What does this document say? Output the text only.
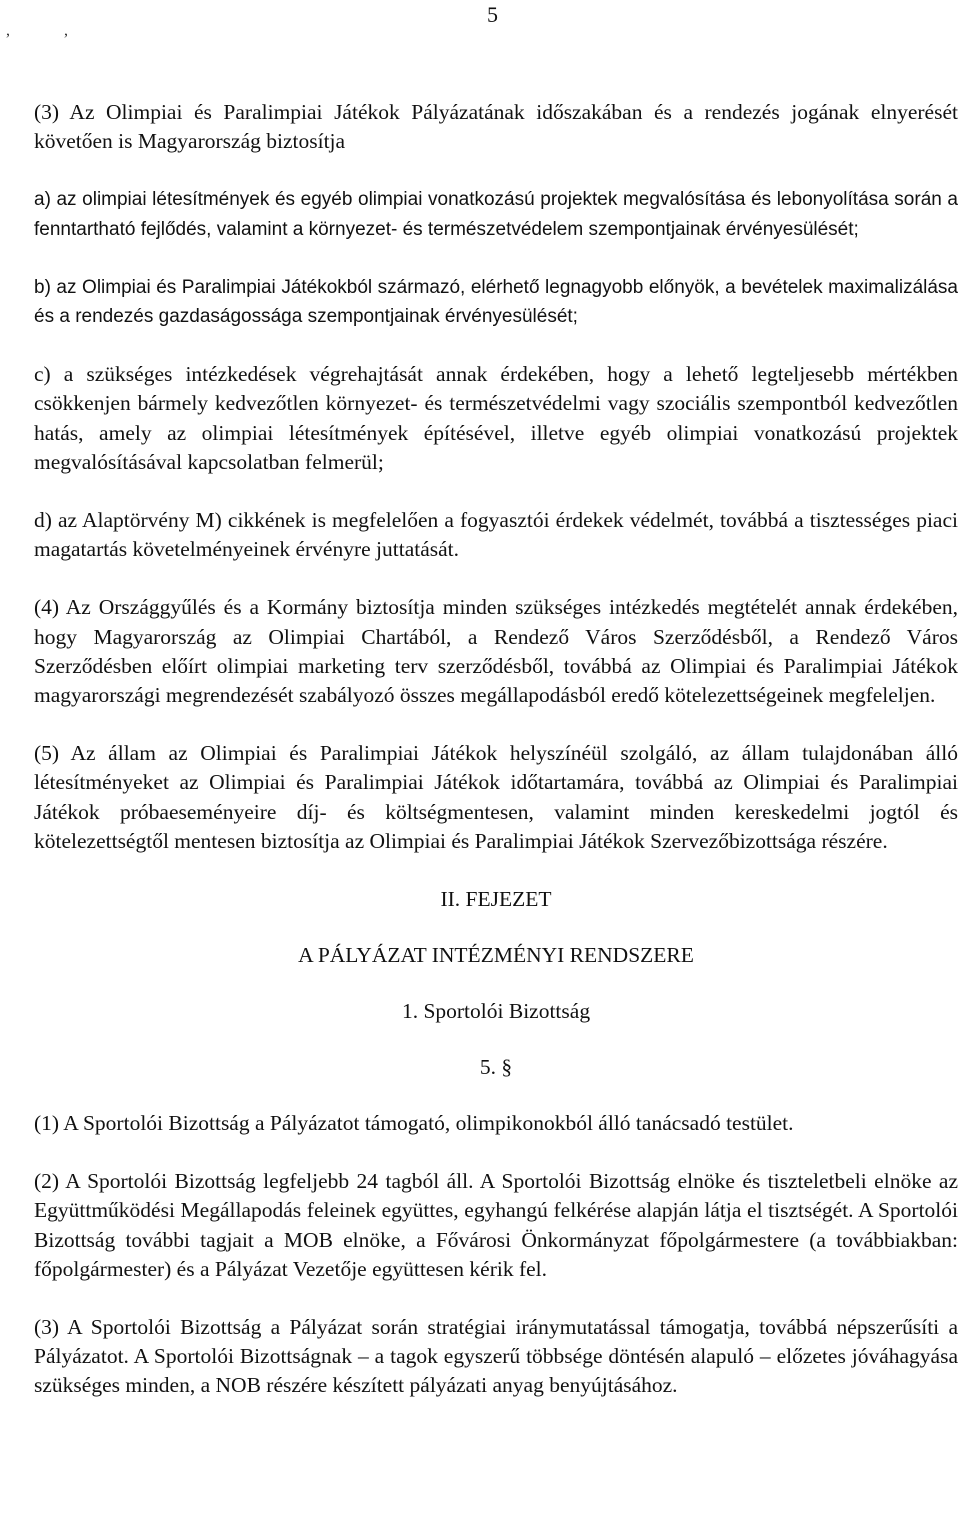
5
,	,

(3) Az Olimpiai és Paralimpiai Játékok Pályázatának időszakában és a rendezés jogának elnyerését követően is Magyarország biztosítja

a) az olimpiai létesítmények és egyéb olimpiai vonatkozású projektek megvalósítása és lebonyolítása során a fenntartható fejlődés, valamint a környezet- és természetvédelem szempontjainak érvényesülését;

b) az Olimpiai és Paralimpiai Játékokból származó, elérhető legnagyobb előnyök, a bevételek maximalizálása és a rendezés gazdaságossága szempontjainak érvényesülését;

c) a szükséges intézkedések végrehajtását annak érdekében, hogy a lehető legteljesebb mértékben csökkenjen bármely kedvezőtlen környezet- és természetvédelmi vagy szociális szempontból kedvezőtlen hatás, amely az olimpiai létesítmények építésével, illetve egyéb olimpiai vonatkozású projektek megvalósításával kapcsolatban felmerül;

d) az Alaptörvény M) cikkének is megfelelően a fogyasztói érdekek védelmét, továbbá a tisztességes piaci magatartás követelményeinek érvényre juttatását.

(4) Az Országgyűlés és a Kormány biztosítja minden szükséges intézkedés megtételét annak érdekében, hogy Magyarország az Olimpiai Chartából, a Rendező Város Szerződésből, a Rendező Város Szerződésben előírt olimpiai marketing terv szerződésből, továbbá az Olimpiai és Paralimpiai Játékok magyarországi megrendezését szabályozó összes megállapodásból eredő kötelezettségeinek megfeleljen.

(5) Az állam az Olimpiai és Paralimpiai Játékok helyszínéül szolgáló, az állam tulajdonában álló létesítményeket az Olimpiai és Paralimpiai Játékok időtartamára, továbbá az Olimpiai és Paralimpiai Játékok próbaeseményeire díj- és költségmentesen, valamint minden kereskedelmi jogtól és kötelezettségtől mentesen biztosítja az Olimpiai és Paralimpiai Játékok Szervezőbizottsága részére.

II. FEJEZET
A PÁLYÁZAT INTÉZMÉNYI RENDSZERE
1. Sportolói Bizottság
5. §

(1) A Sportolói Bizottság a Pályázatot támogató, olimpikonokból álló tanácsadó testület.

(2) A Sportolói Bizottság legfeljebb 24 tagból áll. A Sportolói Bizottság elnöke és tiszteletbeli elnöke az Együttműködési Megállapodás feleinek együttes, egyhangú felkérése alapján látja el tisztségét. A Sportolói Bizottság további tagjait a MOB elnöke, a Fővárosi Önkormányzat főpolgármestere (a továbbiakban: főpolgármester) és a Pályázat Vezetője együttesen kérik fel.

(3) A Sportolói Bizottság a Pályázat során stratégiai iránymutatással támogatja, továbbá népszerűsíti a Pályázatot. A Sportolói Bizottságnak – a tagok egyszerű többsége döntésén alapuló – előzetes jóváhagyása szükséges minden, a NOB részére készített pályázati anyag benyújtásához.
